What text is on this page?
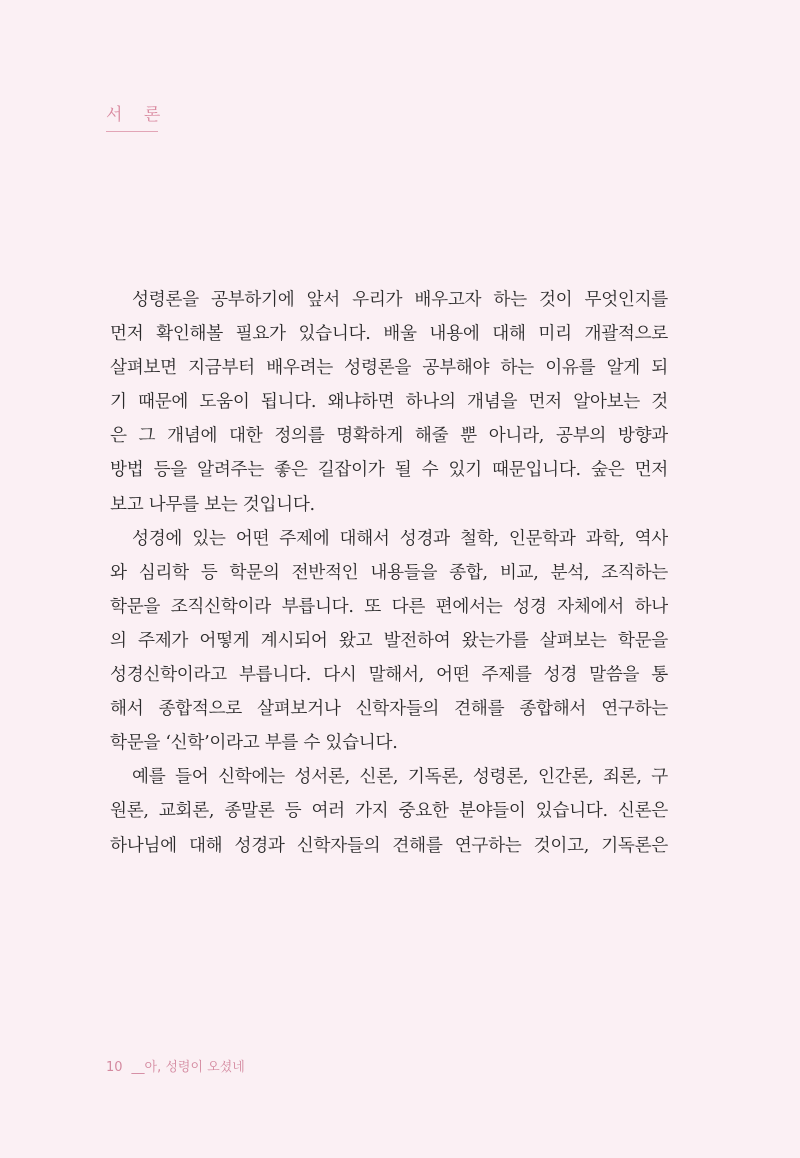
서 론
성령론을 공부하기에 앞서 우리가 배우고자 하는 것이 무엇인지를
먼저 확인해볼 필요가 있습니다. 배울 내용에 대해 미리 개괄적으로
살펴보면 지금부터 배우려는 성령론을 공부해야 하는 이유를 알게 되
기 때문에 도움이 됩니다. 왜냐하면 하나의 개념을 먼저 알아보는 것
은 그 개념에 대한 정의를 명확하게 해줄 뿐 아니라, 공부의 방향과
방법 등을 알려주는 좋은 길잡이가 될 수 있기 때문입니다. 숲은 먼저
보고 나무를 보는 것입니다.
성경에 있는 어떤 주제에 대해서 성경과 철학, 인문학과 과학, 역사
와 심리학 등 학문의 전반적인 내용들을 종합, 비교, 분석, 조직하는
학문을 조직신학이라 부릅니다. 또 다른 편에서는 성경 자체에서 하나
의 주제가 어떻게 계시되어 왔고 발전하여 왔는가를 살펴보는 학문을
성경신학이라고 부릅니다. 다시 말해서, 어떤 주제를 성경 말씀을 통
해서 종합적으로 살펴보거나 신학자들의 견해를 종합해서 연구하는
학문을 ‘신학’이라고 부를 수 있습니다.
예를 들어 신학에는 성서론, 신론, 기독론, 성령론, 인간론, 죄론, 구
원론, 교회론, 종말론 등 여러 가지 중요한 분야들이 있습니다. 신론은
하나님에 대해 성경과 신학자들의 견해를 연구하는 것이고, 기독론은
10 __아, 성령이 오셨네
